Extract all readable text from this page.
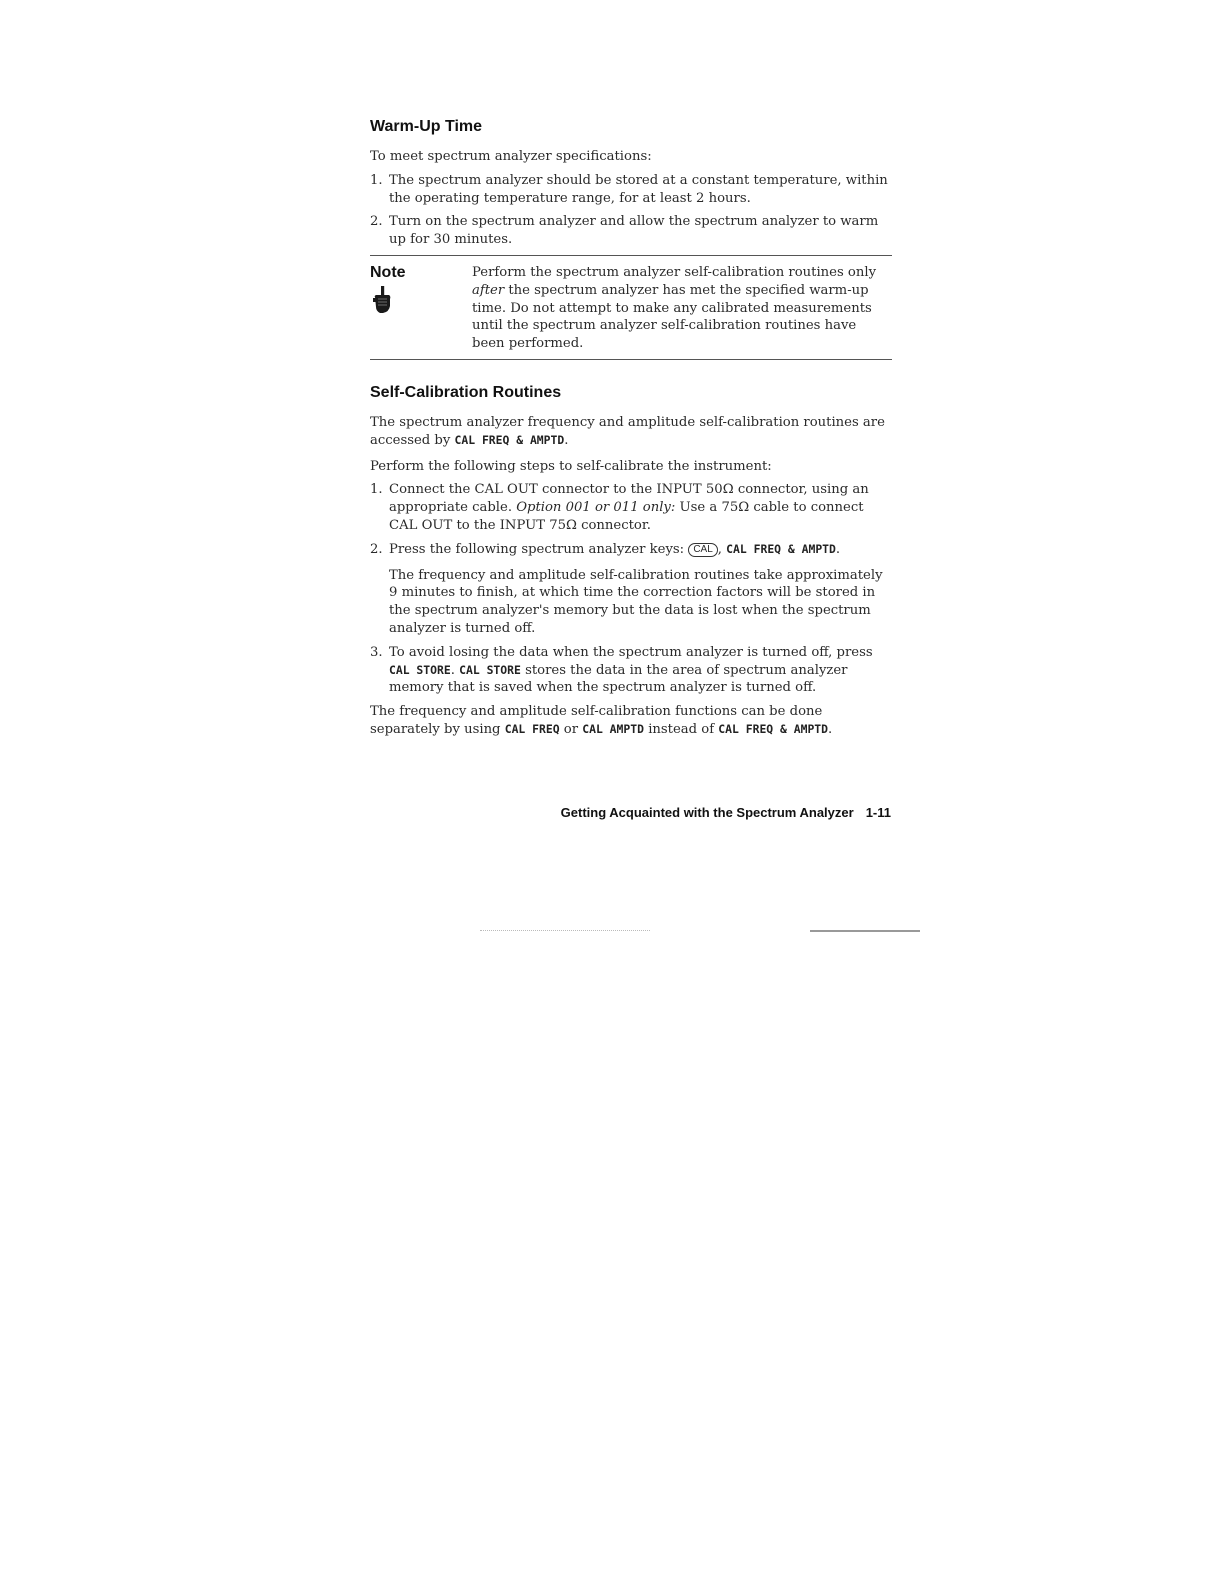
Warm-Up Time

To meet spectrum analyzer specifications:

1. The spectrum analyzer should be stored at a constant temperature, within the operating temperature range, for at least 2 hours.
2. Turn on the spectrum analyzer and allow the spectrum analyzer to warm up for 30 minutes.
Note	Perform the spectrum analyzer self-calibration routines only after the spectrum analyzer has met the specified warm-up time. Do not attempt to make any calibrated measurements until the spectrum analyzer self-calibration routines have been performed.
Self-Calibration Routines

The spectrum analyzer frequency and amplitude self-calibration routines are accessed by CAL FREQ & AMPTD.

Perform the following steps to self-calibrate the instrument:

1. Connect the CAL OUT connector to the INPUT 50Ω connector, using an appropriate cable. Option 001 or 011 only: Use a 75Ω cable to connect CAL OUT to the INPUT 75Ω connector.
2. Press the following spectrum analyzer keys: CAL , CAL FREQ & AMPTD.
The frequency and amplitude self-calibration routines take approximately 9 minutes to finish, at which time the correction factors will be stored in the spectrum analyzer's memory but the data is lost when the spectrum analyzer is turned off.
3. To avoid losing the data when the spectrum analyzer is turned off, press CAL STORE. CAL STORE stores the data in the area of spectrum analyzer memory that is saved when the spectrum analyzer is turned off.

The frequency and amplitude self-calibration functions can be done separately by using CAL FREQ or CAL AMPTD instead of CAL FREQ & AMPTD.

Getting Acquainted with the Spectrum Analyzer 1-11
